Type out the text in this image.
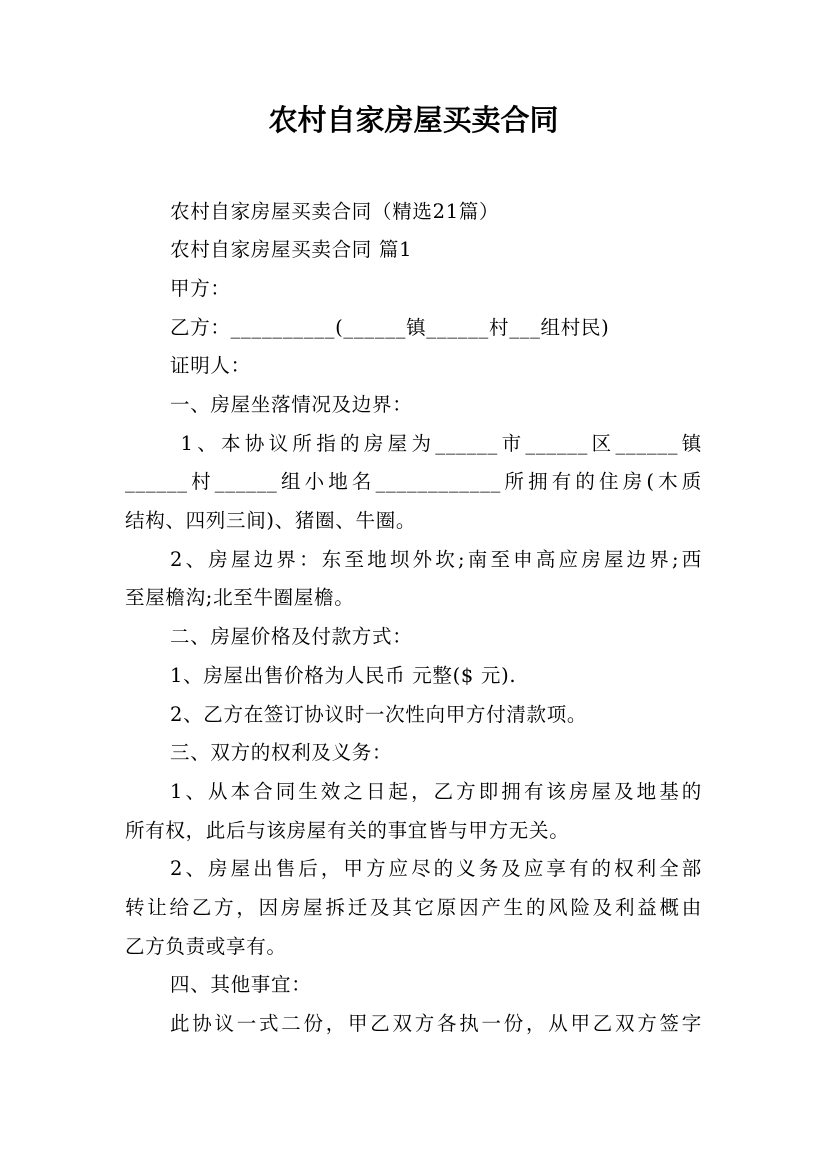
农村自家房屋买卖合同
农村自家房屋买卖合同（精选21篇）
农村自家房屋买卖合同 篇1
甲方：
乙方：__________(______镇______村___组村民)
证明人：
一、房屋坐落情况及边界：
1、本协议所指的房屋为______市______区______镇
______村______组小地名____________所拥有的住房(木质
结构、四列三间)、猪圈、牛圈。
2、房屋边界：东至地坝外坎;南至申高应房屋边界;西
至屋檐沟;北至牛圈屋檐。
二、房屋价格及付款方式：
1、房屋出售价格为人民币 元整($ 元).
2、乙方在签订协议时一次性向甲方付清款项。
三、双方的权利及义务：
1、从本合同生效之日起，乙方即拥有该房屋及地基的
所有权，此后与该房屋有关的事宜皆与甲方无关。
2、房屋出售后，甲方应尽的义务及应享有的权利全部
转让给乙方，因房屋拆迁及其它原因产生的风险及利益概由
乙方负责或享有。
四、其他事宜：
此协议一式二份，甲乙双方各执一份，从甲乙双方签字
